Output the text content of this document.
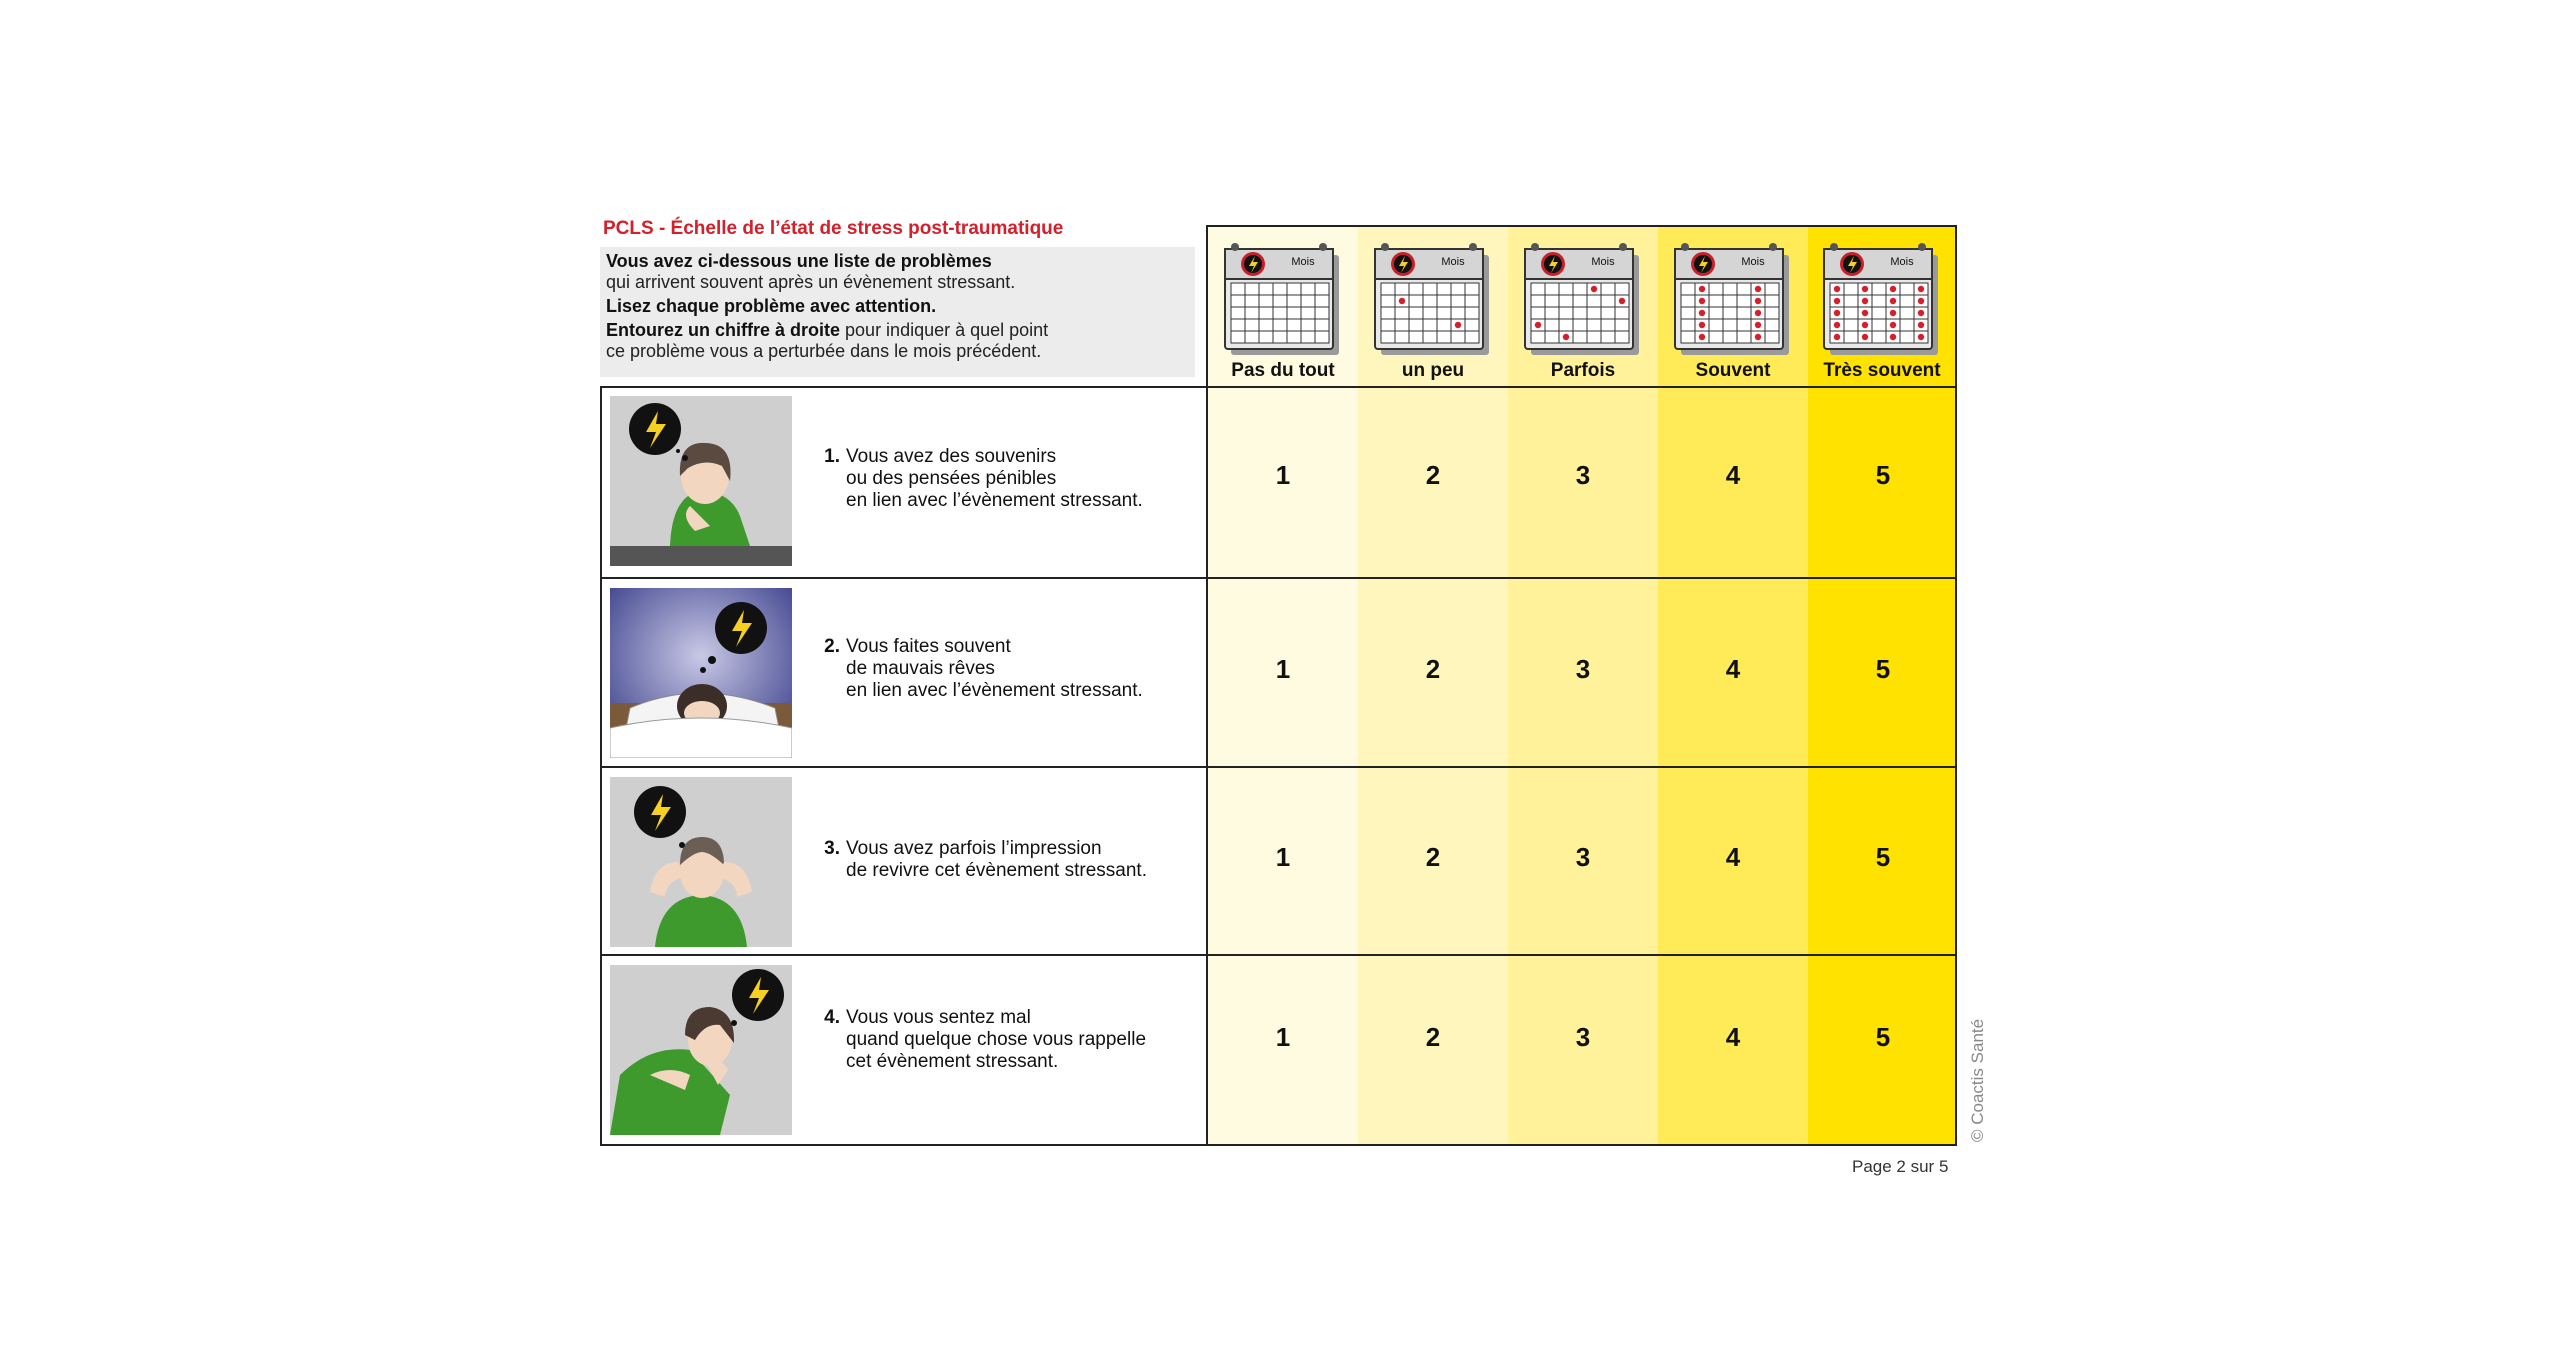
PCLS - Échelle de l’état de stress post-traumatique

Vous avez ci-dessous une liste de problèmes
qui arrivent souvent après un évènement stressant.

Lisez chaque problème avec attention.

Entourez un chiffre à droite pour indiquer à quel point
ce problème vous a perturbée dans le mois précédent.

Mois
Pas du tout
Mois
un peu
Mois
Parfois
Mois
Souvent
Mois
Très souvent
1. Vous avez des souvenirs
ou des pensées pénibles
en lien avec l’évènement stressant.
2. Vous faites souvent
de mauvais rêves
en lien avec l’évènement stressant.
3. Vous avez parfois l’impression
de revivre cet évènement stressant.
4. Vous vous sentez mal
quand quelque chose vous rappelle
cet évènement stressant.
1
1
1
1
2
2
2
2
3
3
3
3
4
4
4
4
5
5
5
5	© Coactis Santé
Page 2 sur 5
